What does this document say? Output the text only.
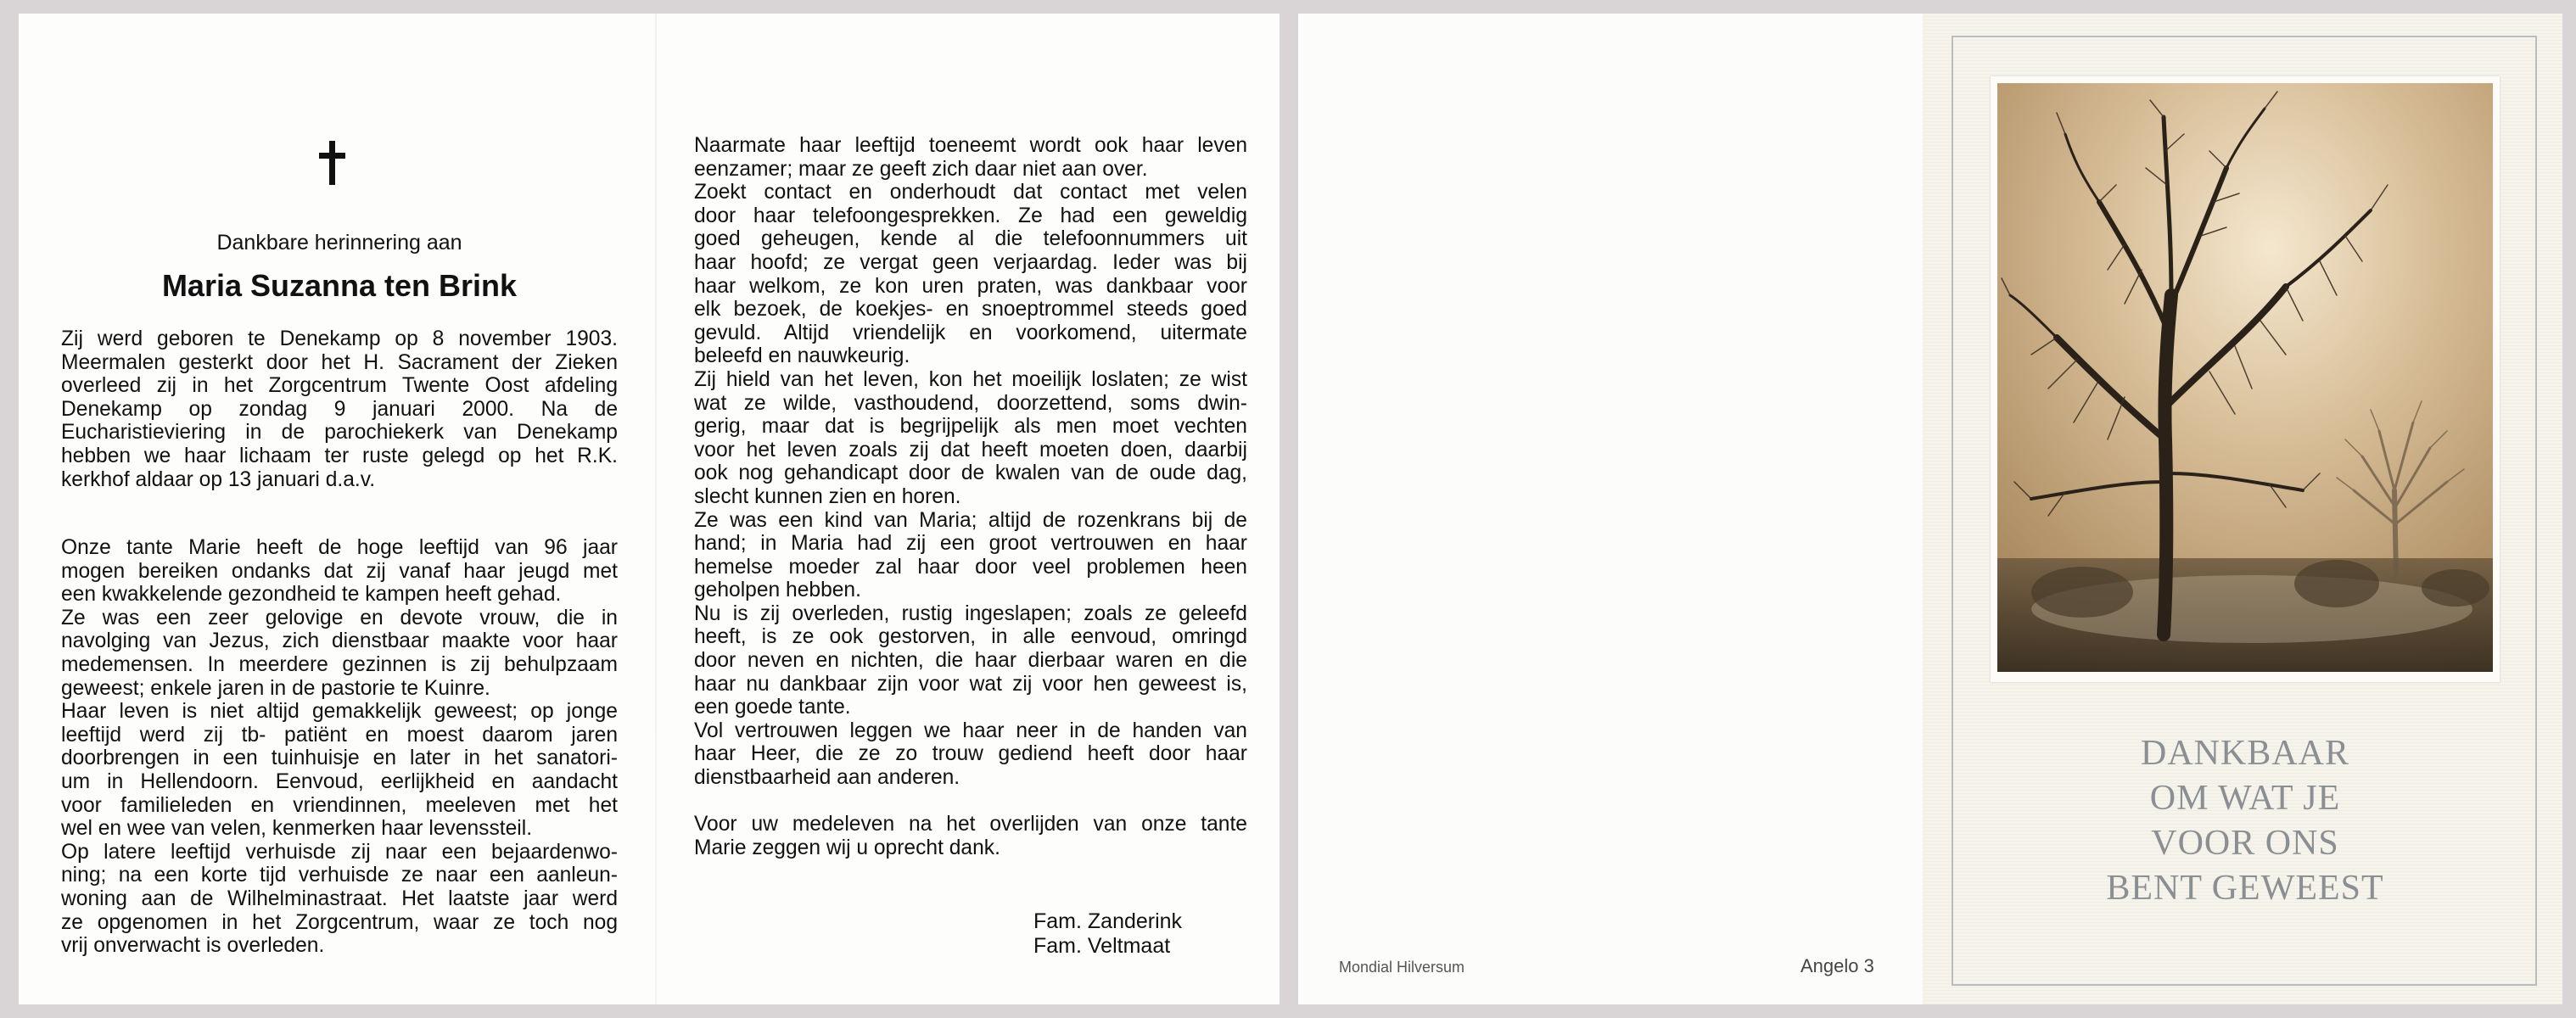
Dankbare herinnering aan
Maria Suzanna ten Brink
Zij werd geboren te Denekamp op 8 november 1903.
Meermalen gesterkt door het H. Sacrament der Zieken
overleed zij in het Zorgcentrum Twente Oost afdeling
Denekamp op zondag 9 januari 2000. Na de
Eucharistieviering in de parochiekerk van Denekamp
hebben we haar lichaam ter ruste gelegd op het R.K.
kerkhof aldaar op 13 januari d.a.v.
Onze tante Marie heeft de hoge leeftijd van 96 jaar
mogen bereiken ondanks dat zij vanaf haar jeugd met
een kwakkelende gezondheid te kampen heeft gehad.
Ze was een zeer gelovige en devote vrouw, die in
navolging van Jezus, zich dienstbaar maakte voor haar
medemensen. In meerdere gezinnen is zij behulpzaam
geweest; enkele jaren in de pastorie te Kuinre.
Haar leven is niet altijd gemakkelijk geweest; op jonge
leeftijd werd zij tb- patiënt en moest daarom jaren
doorbrengen in een tuinhuisje en later in het sanatori-
um in Hellendoorn. Eenvoud, eerlijkheid en aandacht
voor familieleden en vriendinnen, meeleven met het
wel en wee van velen, kenmerken haar levenssteil.
Op latere leeftijd verhuisde zij naar een bejaardenwo-
ning; na een korte tijd verhuisde ze naar een aanleun-
woning aan de Wilhelminastraat. Het laatste jaar werd
ze opgenomen in het Zorgcentrum, waar ze toch nog
vrij onverwacht is overleden.
Naarmate haar leeftijd toeneemt wordt ook haar leven
eenzamer; maar ze geeft zich daar niet aan over.
Zoekt contact en onderhoudt dat contact met velen
door haar telefoongesprekken. Ze had een geweldig
goed geheugen, kende al die telefoonnummers uit
haar hoofd; ze vergat geen verjaardag. Ieder was bij
haar welkom, ze kon uren praten, was dankbaar voor
elk bezoek, de koekjes- en snoeptrommel steeds goed
gevuld. Altijd vriendelijk en voorkomend, uitermate
beleefd en nauwkeurig.
Zij hield van het leven, kon het moeilijk loslaten; ze wist
wat ze wilde, vasthoudend, doorzettend, soms dwin-
gerig, maar dat is begrijpelijk als men moet vechten
voor het leven zoals zij dat heeft moeten doen, daarbij
ook nog gehandicapt door de kwalen van de oude dag,
slecht kunnen zien en horen.
Ze was een kind van Maria; altijd de rozenkrans bij de
hand; in Maria had zij een groot vertrouwen en haar
hemelse moeder zal haar door veel problemen heen
geholpen hebben.
Nu is zij overleden, rustig ingeslapen; zoals ze geleefd
heeft, is ze ook gestorven, in alle eenvoud, omringd
door neven en nichten, die haar dierbaar waren en die
haar nu dankbaar zijn voor wat zij voor hen geweest is,
een goede tante.
Vol vertrouwen leggen we haar neer in de handen van
haar Heer, die ze zo trouw gediend heeft door haar
dienstbaarheid aan anderen.
Voor uw medeleven na het overlijden van onze tante
Marie zeggen wij u oprecht dank.
Fam. Zanderink
Fam. Veltmaat
Mondial Hilversum	Angelo 3
DANKBAAR
OM WAT JE
VOOR ONS
BENT GEWEEST
